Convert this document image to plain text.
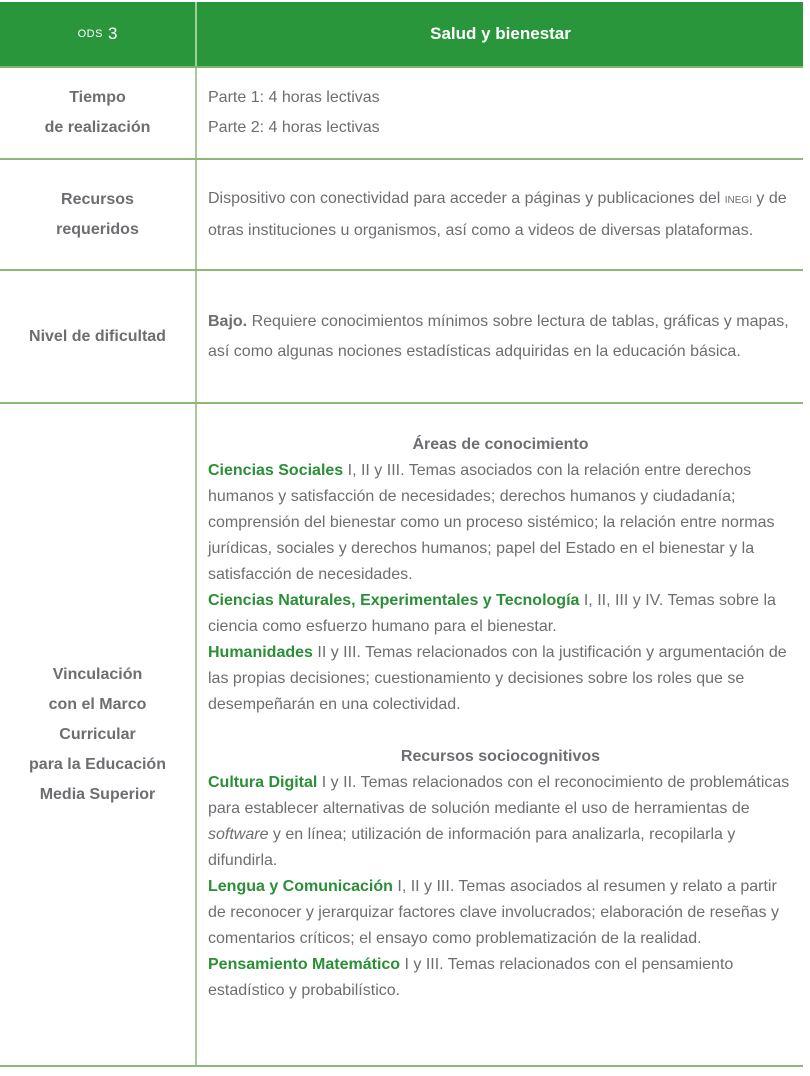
ODS 3	Salud y bienestar
Tiempo
de realización
Parte 1: 4 horas lectivas
Parte 2: 4 horas lectivas
Recursos
requeridos

Dispositivo con conectividad para acceder a páginas y publicaciones del INEGI y de otras instituciones u organismos, así como a videos de diversas plataformas.

Nivel de dificultad

Bajo. Requiere conocimientos mínimos sobre lectura de tablas, gráficas y mapas, así como algunas nociones estadísticas adquiridas en la educación básica.

Vinculación
con el Marco
Curricular
para la Educación
Media Superior
Áreas de conocimiento

Ciencias Sociales I, II y III. Temas asociados con la relación entre derechos humanos y satisfacción de necesidades; derechos humanos y ciudadanía; comprensión del bienestar como un proceso sistémico; la relación entre normas jurídicas, sociales y derechos humanos; papel del Estado en el bienestar y la satisfacción de necesidades.

Ciencias Naturales, Experimentales y Tecnología I, II, III y IV. Temas sobre la ciencia como esfuerzo humano para el bienestar.

Humanidades II y III. Temas relacionados con la justificación y argumentación de las propias decisiones; cuestionamiento y decisiones sobre los roles que se desempeñarán en una colectividad.

Recursos sociocognitivos

Cultura Digital I y II. Temas relacionados con el reconocimiento de problemáticas para establecer alternativas de solución mediante el uso de herramientas de software y en línea; utilización de información para analizarla, recopilarla y difundirla.

Lengua y Comunicación I, II y III. Temas asociados al resumen y relato a partir de reconocer y jerarquizar factores clave involucrados; elaboración de reseñas y comentarios críticos; el ensayo como problematización de la realidad.

Pensamiento Matemático I y III. Temas relacionados con el pensamiento estadístico y probabilístico.
